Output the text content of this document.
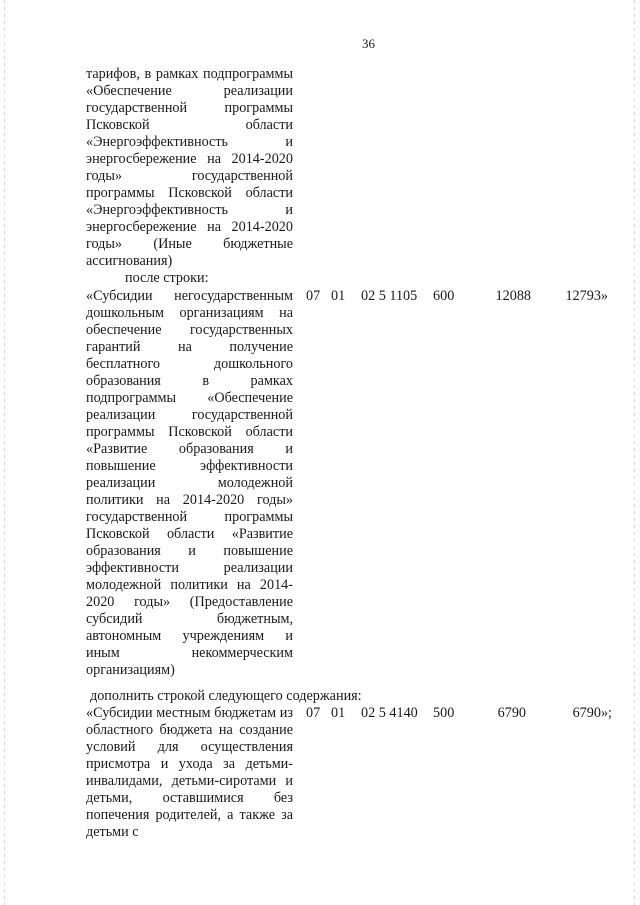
36
тарифов, в рамках подпрограммы «Обеспечение реализации государственной программы Псковской области «Энергоэффективность и энергосбережение на 2014-2020 годы» государственной программы Псковской области «Энергоэффективность и энергосбережение на 2014-2020 годы» (Иные бюджетные ассигнования)
после строки:
«Субсидии негосударственным дошкольным организациям на обеспечение государственных гарантий на получение бесплатного дошкольного образования в рамках подпрограммы «Обеспечение реализации государственной программы Псковской области «Развитие образования и повышение эффективности реализации молодежной политики на 2014-2020 годы» государственной программы Псковской области «Развитие образования и повышение эффективности реализации молодежной политики на 2014-2020 годы» (Предоставление субсидий бюджетным, автономным учреждениям и иным некоммерческим организациям)
07 01 02 5 1105 600	12088	12793»
дополнить строкой следующего содержания:
«Субсидии местным бюджетам из областного бюджета на создание условий для осуществления присмотра и ухода за детьми-инвалидами, детьми-сиротами и детьми, оставшимися без попечения родителей, а также за детьми с
07 01 02 5 4140 500	6790	6790»;
